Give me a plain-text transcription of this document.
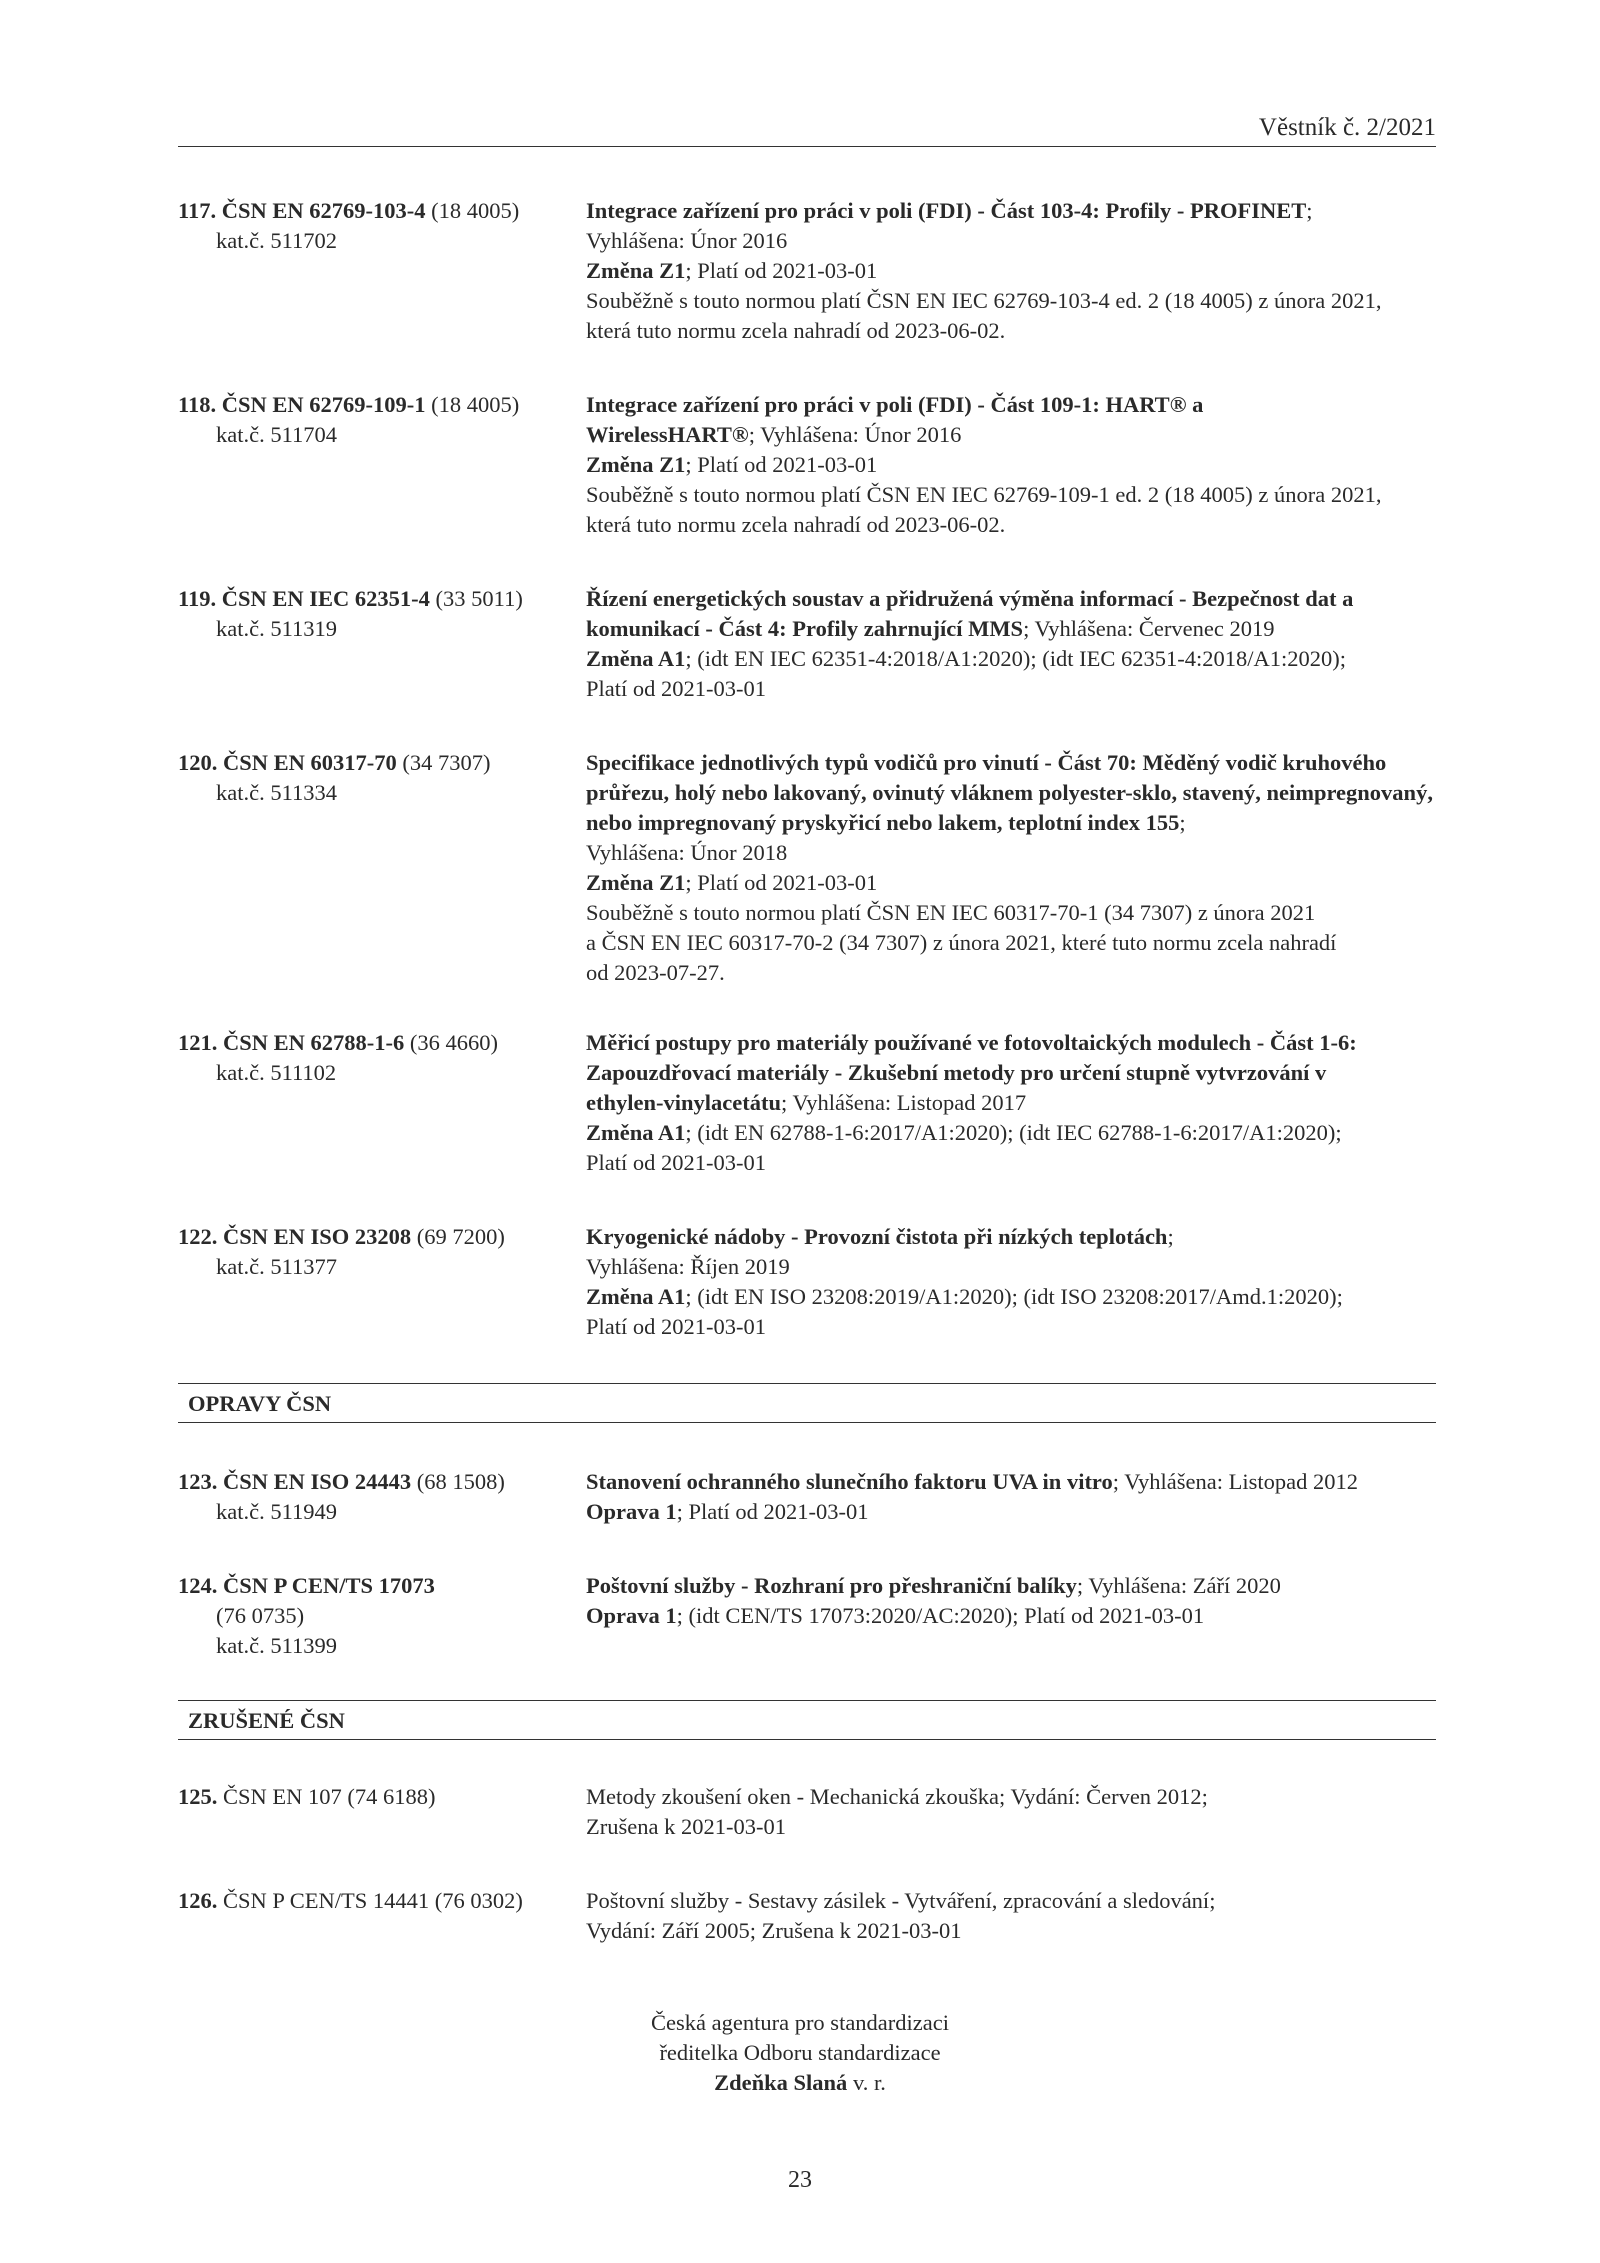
Věstník č. 2/2021
117. ČSN EN 62769-103-4 (18 4005)
kat.č. 511702
Integrace zařízení pro práci v poli (FDI) - Část 103-4: Profily - PROFINET;
Vyhlášena: Únor 2016
Změna Z1; Platí od 2021-03-01
Souběžně s touto normou platí ČSN EN IEC 62769-103-4 ed. 2 (18 4005) z února 2021,
která tuto normu zcela nahradí od 2023-06-02.
118. ČSN EN 62769-109-1 (18 4005)
kat.č. 511704
Integrace zařízení pro práci v poli (FDI) - Část 109-1: HART® a WirelessHART®; Vyhlášena: Únor 2016
Změna Z1; Platí od 2021-03-01
Souběžně s touto normou platí ČSN EN IEC 62769-109-1 ed. 2 (18 4005) z února 2021,
která tuto normu zcela nahradí od 2023-06-02.
119. ČSN EN IEC 62351-4 (33 5011)
kat.č. 511319
Řízení energetických soustav a přidružená výměna informací - Bezpečnost dat a komunikací - Část 4: Profily zahrnující MMS; Vyhlášena: Červenec 2019
Změna A1; (idt EN IEC 62351-4:2018/A1:2020); (idt IEC 62351-4:2018/A1:2020);
Platí od 2021-03-01
120. ČSN EN 60317-70 (34 7307)
kat.č. 511334
Specifikace jednotlivých typů vodičů pro vinutí - Část 70: Měděný vodič kruhového průřezu, holý nebo lakovaný, ovinutý vláknem polyester-sklo, stavený, neimpregnovaný, nebo impregnovaný pryskyřicí nebo lakem, teplotní index 155;
Vyhlášena: Únor 2018
Změna Z1; Platí od 2021-03-01
Souběžně s touto normou platí ČSN EN IEC 60317-70-1 (34 7307) z února 2021
a ČSN EN IEC 60317-70-2 (34 7307) z února 2021, které tuto normu zcela nahradí
od 2023-07-27.
121. ČSN EN 62788-1-6 (36 4660)
kat.č. 511102
Měřicí postupy pro materiály používané ve fotovoltaických modulech - Část 1-6: Zapouzdřovací materiály - Zkušební metody pro určení stupně vytvrzování v ethylen-vinylacetátu; Vyhlášena: Listopad 2017
Změna A1; (idt EN 62788-1-6:2017/A1:2020); (idt IEC 62788-1-6:2017/A1:2020);
Platí od 2021-03-01
122. ČSN EN ISO 23208 (69 7200)
kat.č. 511377
Kryogenické nádoby - Provozní čistota při nízkých teplotách;
Vyhlášena: Říjen 2019
Změna A1; (idt EN ISO 23208:2019/A1:2020); (idt ISO 23208:2017/Amd.1:2020);
Platí od 2021-03-01
OPRAVY ČSN
123. ČSN EN ISO 24443 (68 1508)
kat.č. 511949
Stanovení ochranného slunečního faktoru UVA in vitro; Vyhlášena: Listopad 2012
Oprava 1; Platí od 2021-03-01
124. ČSN P CEN/TS 17073
(76 0735)
kat.č. 511399
Poštovní služby - Rozhraní pro přeshraniční balíky; Vyhlášena: Září 2020
Oprava 1; (idt CEN/TS 17073:2020/AC:2020); Platí od 2021-03-01
ZRUŠENÉ ČSN
125. ČSN EN 107 (74 6188)	Metody zkoušení oken - Mechanická zkouška; Vydání: Červen 2012;
Zrušena k 2021-03-01
126. ČSN P CEN/TS 14441 (76 0302)	Poštovní služby - Sestavy zásilek - Vytváření, zpracování a sledování;
Vydání: Září 2005; Zrušena k 2021-03-01
Česká agentura pro standardizaci
ředitelka Odboru standardizace
Zdeňka Slaná v. r.
23
